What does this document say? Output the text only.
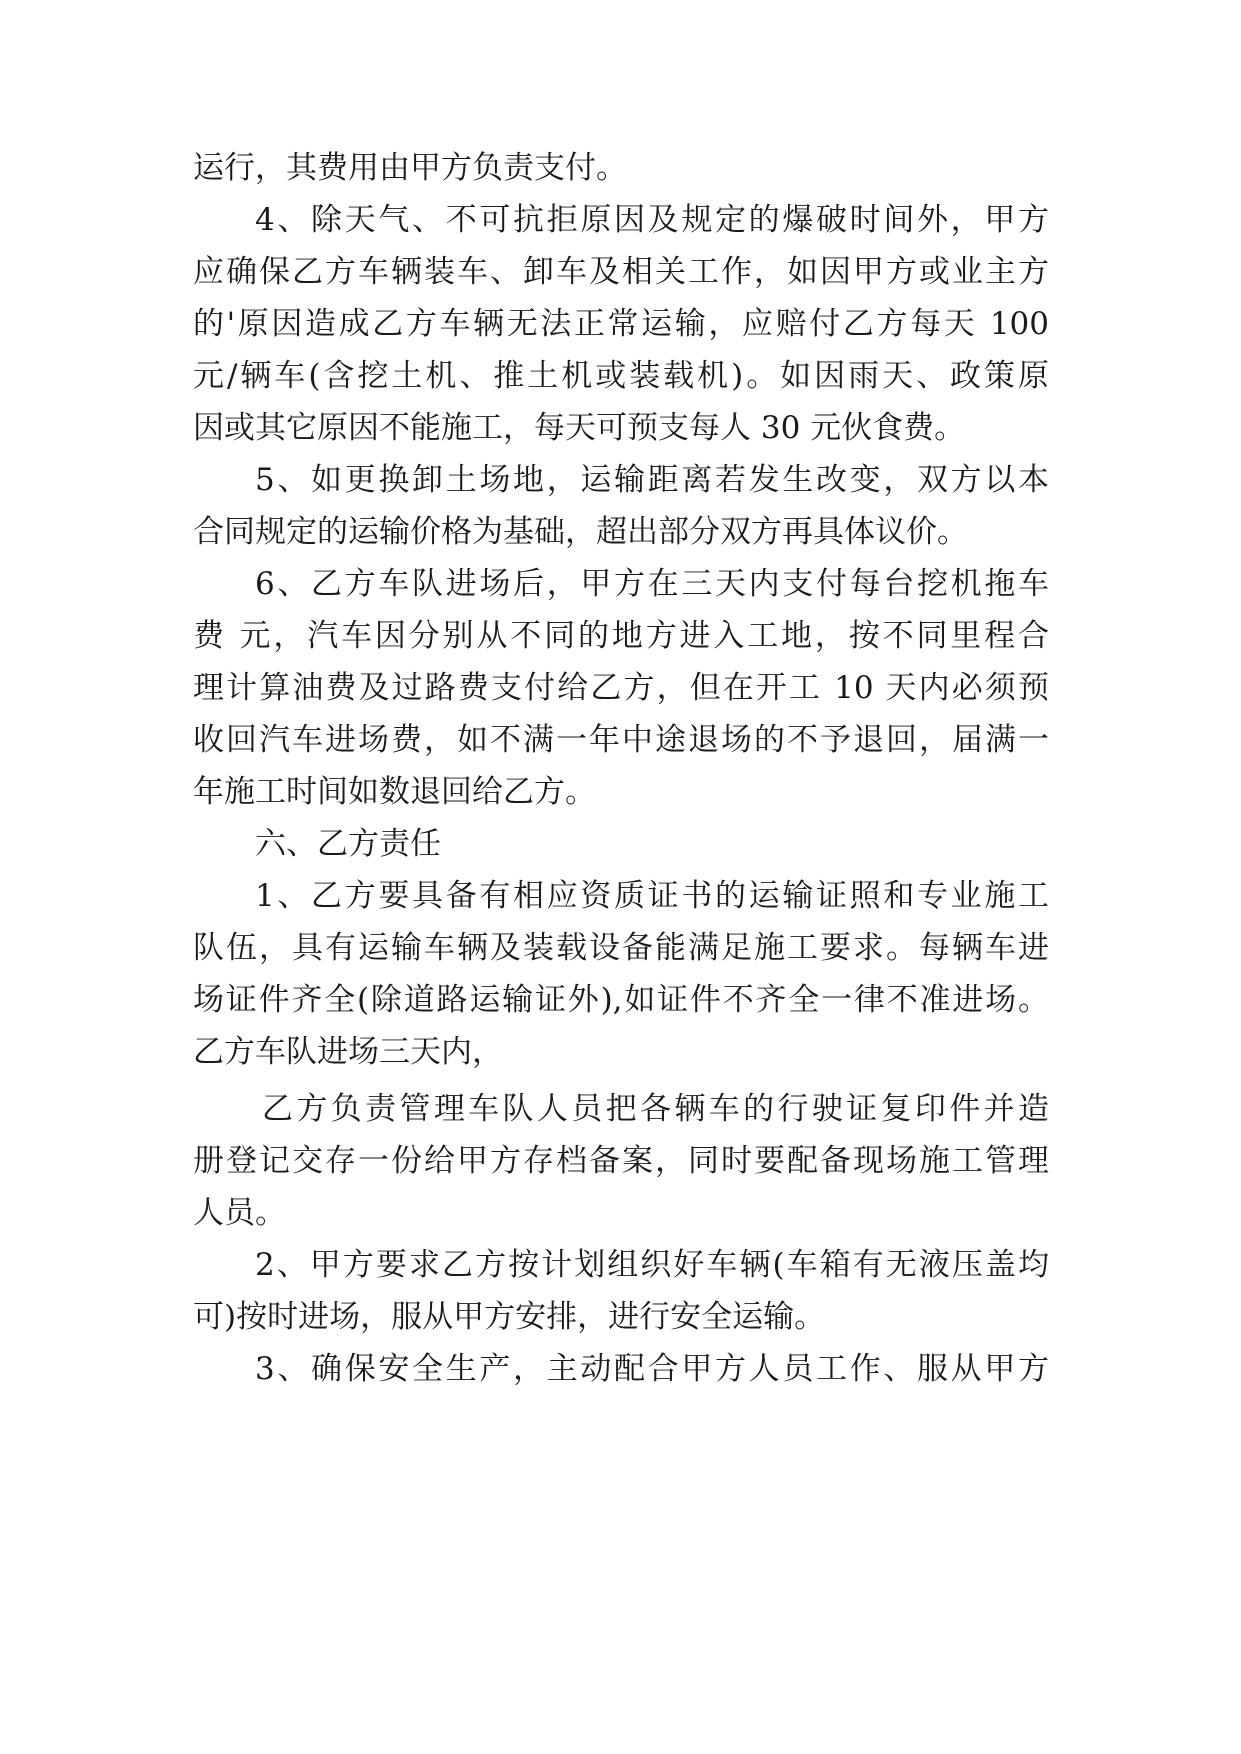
运行，其费用由甲方负责支付。
4、除天气、不可抗拒原因及规定的爆破时间外，甲方
应确保乙方车辆装车、卸车及相关工作，如因甲方或业主方
的'原因造成乙方车辆无法正常运输，应赔付乙方每天 100
元/辆车(含挖土机、推土机或装载机)。如因雨天、政策原
因或其它原因不能施工，每天可预支每人 30 元伙食费。
5、如更换卸土场地，运输距离若发生改变，双方以本
合同规定的运输价格为基础，超出部分双方再具体议价。
6、乙方车队进场后，甲方在三天内支付每台挖机拖车
费 元，汽车因分别从不同的地方进入工地，按不同里程合
理计算油费及过路费支付给乙方，但在开工 10 天内必须预
收回汽车进场费，如不满一年中途退场的不予退回，届满一
年施工时间如数退回给乙方。
六、乙方责任
1、乙方要具备有相应资质证书的运输证照和专业施工
队伍，具有运输车辆及装载设备能满足施工要求。每辆车进
场证件齐全(除道路运输证外),如证件不齐全一律不准进场。
乙方车队进场三天内，
乙方负责管理车队人员把各辆车的行驶证复印件并造
册登记交存一份给甲方存档备案，同时要配备现场施工管理
人员。
2、甲方要求乙方按计划组织好车辆(车箱有无液压盖均
可)按时进场，服从甲方安排，进行安全运输。
3、确保安全生产，主动配合甲方人员工作、服从甲方
